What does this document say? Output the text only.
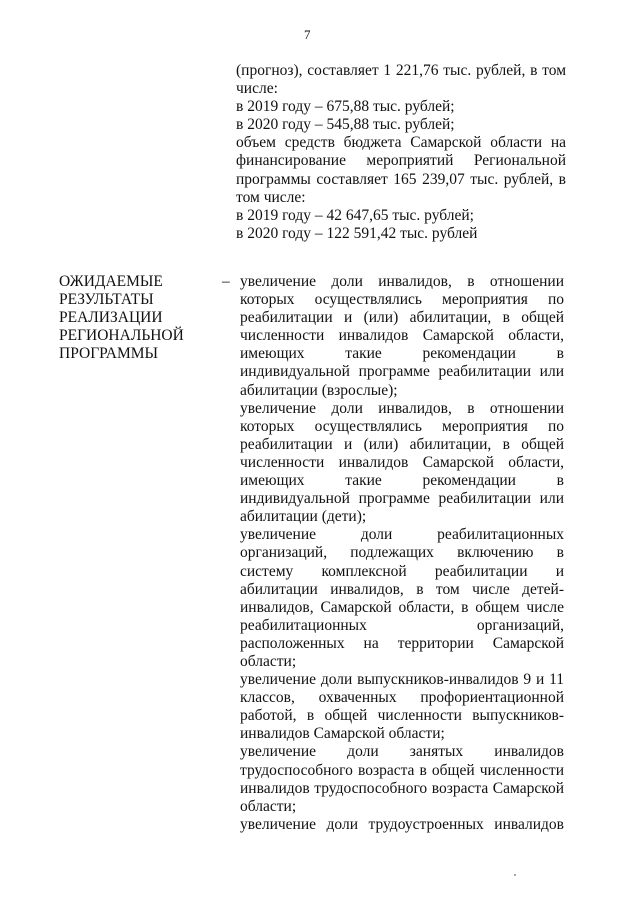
7
(прогноз), составляет 1 221,76 тыс. рублей, в том
числе:
в 2019 году – 675,88 тыс. рублей;
в 2020 году – 545,88 тыс. рублей;
объем средств бюджета Самарской области на
финансирование мероприятий Региональной
программы составляет 165 239,07 тыс. рублей, в
том числе:
в 2019 году – 42 647,65 тыс. рублей;
в 2020 году – 122 591,42 тыс. рублей
ОЖИДАЕМЫЕ
РЕЗУЛЬТАТЫ
РЕАЛИЗАЦИИ
РЕГИОНАЛЬНОЙ
ПРОГРАММЫ
– увеличение доли инвалидов, в отношении
которых осуществлялись мероприятия по
реабилитации и (или) абилитации, в общей
численности инвалидов Самарской области,
имеющих такие рекомендации в
индивидуальной программе реабилитации или
абилитации (взрослые);
увеличение доли инвалидов, в отношении
которых осуществлялись мероприятия по
реабилитации и (или) абилитации, в общей
численности инвалидов Самарской области,
имеющих такие рекомендации в
индивидуальной программе реабилитации или
абилитации (дети);
увеличение доли реабилитационных
организаций, подлежащих включению в
систему комплексной реабилитации и
абилитации инвалидов, в том числе детей-
инвалидов, Самарской области, в общем числе
реабилитационных организаций,
расположенных на территории Самарской
области;
увеличение доли выпускников-инвалидов 9 и 11
классов, охваченных профориентационной
работой, в общей численности выпускников-
инвалидов Самарской области;
увеличение доли занятых инвалидов
трудоспособного возраста в общей численности
инвалидов трудоспособного возраста Самарской
области;
увеличение доли трудоустроенных инвалидов
